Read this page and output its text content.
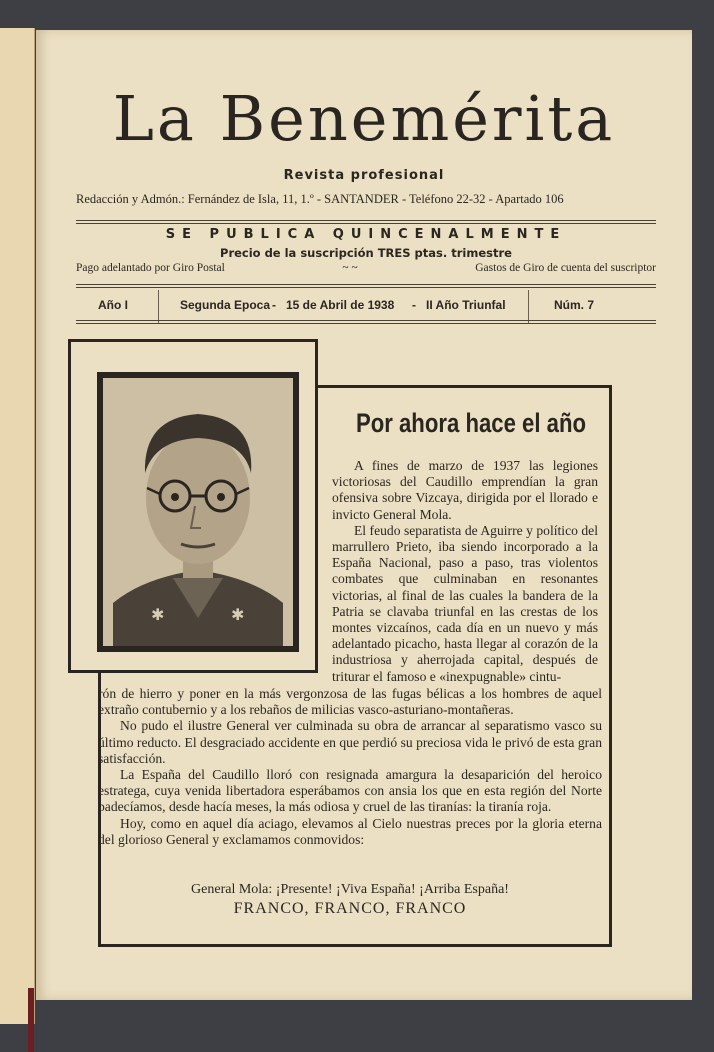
La Benemérita
Revista profesional
Redacción y Admón.: Fernández de Isla, 11, 1.º - SANTANDER - Teléfono 22-32 - Apartado 106
SE PUBLICA QUINCENALMENTE
Precio de la suscripción TRES ptas. trimestre
Pago adelantado por Giro Postal	~ ~	Gastos de Giro de cuenta del suscriptor
Año I	Segunda Epoca - 15 de Abril de 1938 - II Año Triunfal	Núm. 7
✱	✱
Por ahora hace el año

A fines de marzo de 1937 las legiones victoriosas del Caudillo emprendían la gran ofensiva sobre Vizcaya, dirigida por el llorado e invicto General Mola.

El feudo separatista de Aguirre y político del marrullero Prieto, iba siendo incorporado a la España Nacional, paso a paso, tras violentos combates que culminaban en resonantes victorias, al final de las cuales la bandera de la Patria se clavaba triunfal en las crestas de los montes vizcaínos, cada día en un nuevo y más adelantado picacho, hasta llegar al corazón de la industriosa y aherrojada capital, después de triturar el famoso e «inexpugnable» cintu-

rón de hierro y poner en la más vergonzosa de las fugas bélicas a los hombres de aquel extraño contubernio y a los rebaños de milicias vasco-asturiano-montañeras.

No pudo el ilustre General ver culminada su obra de arrancar al separatismo vasco su último reducto. El desgraciado accidente en que perdió su preciosa vida le privó de esta gran satisfacción.

La España del Caudillo lloró con resignada amargura la desaparición del heroico estratega, cuya venida libertadora esperábamos con ansia los que en esta región del Norte padecíamos, desde hacía meses, la más odiosa y cruel de las tiranías: la tiranía roja.

Hoy, como en aquel día aciago, elevamos al Cielo nuestras preces por la gloria eterna del glorioso General y exclamamos conmovidos:

General Mola: ¡Presente! ¡Viva España! ¡Arriba España!
FRANCO, FRANCO, FRANCO
